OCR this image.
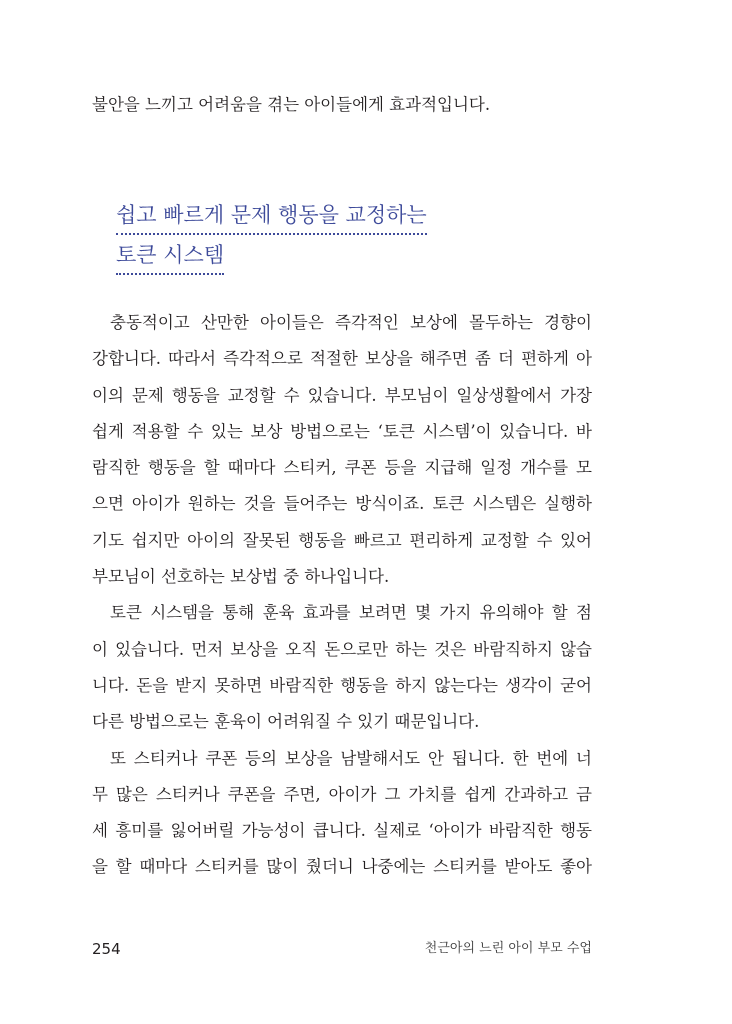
불안을 느끼고 어려움을 겪는 아이들에게 효과적입니다.
쉽고 빠르게 문제 행동을 교정하는
토큰 시스템
충동적이고 산만한 아이들은 즉각적인 보상에 몰두하는 경향이
강합니다. 따라서 즉각적으로 적절한 보상을 해주면 좀 더 편하게 아
이의 문제 행동을 교정할 수 있습니다. 부모님이 일상생활에서 가장
쉽게 적용할 수 있는 보상 방법으로는 ‘토큰 시스템’이 있습니다. 바
람직한 행동을 할 때마다 스티커, 쿠폰 등을 지급해 일정 개수를 모
으면 아이가 원하는 것을 들어주는 방식이죠. 토큰 시스템은 실행하
기도 쉽지만 아이의 잘못된 행동을 빠르고 편리하게 교정할 수 있어
부모님이 선호하는 보상법 중 하나입니다.
토큰 시스템을 통해 훈육 효과를 보려면 몇 가지 유의해야 할 점
이 있습니다. 먼저 보상을 오직 돈으로만 하는 것은 바람직하지 않습
니다. 돈을 받지 못하면 바람직한 행동을 하지 않는다는 생각이 굳어
다른 방법으로는 훈육이 어려워질 수 있기 때문입니다.
또 스티커나 쿠폰 등의 보상을 남발해서도 안 됩니다. 한 번에 너
무 많은 스티커나 쿠폰을 주면, 아이가 그 가치를 쉽게 간과하고 금
세 흥미를 잃어버릴 가능성이 큽니다. 실제로 ‘아이가 바람직한 행동
을 할 때마다 스티커를 많이 줬더니 나중에는 스티커를 받아도 좋아
254	천근아의 느린 아이 부모 수업
